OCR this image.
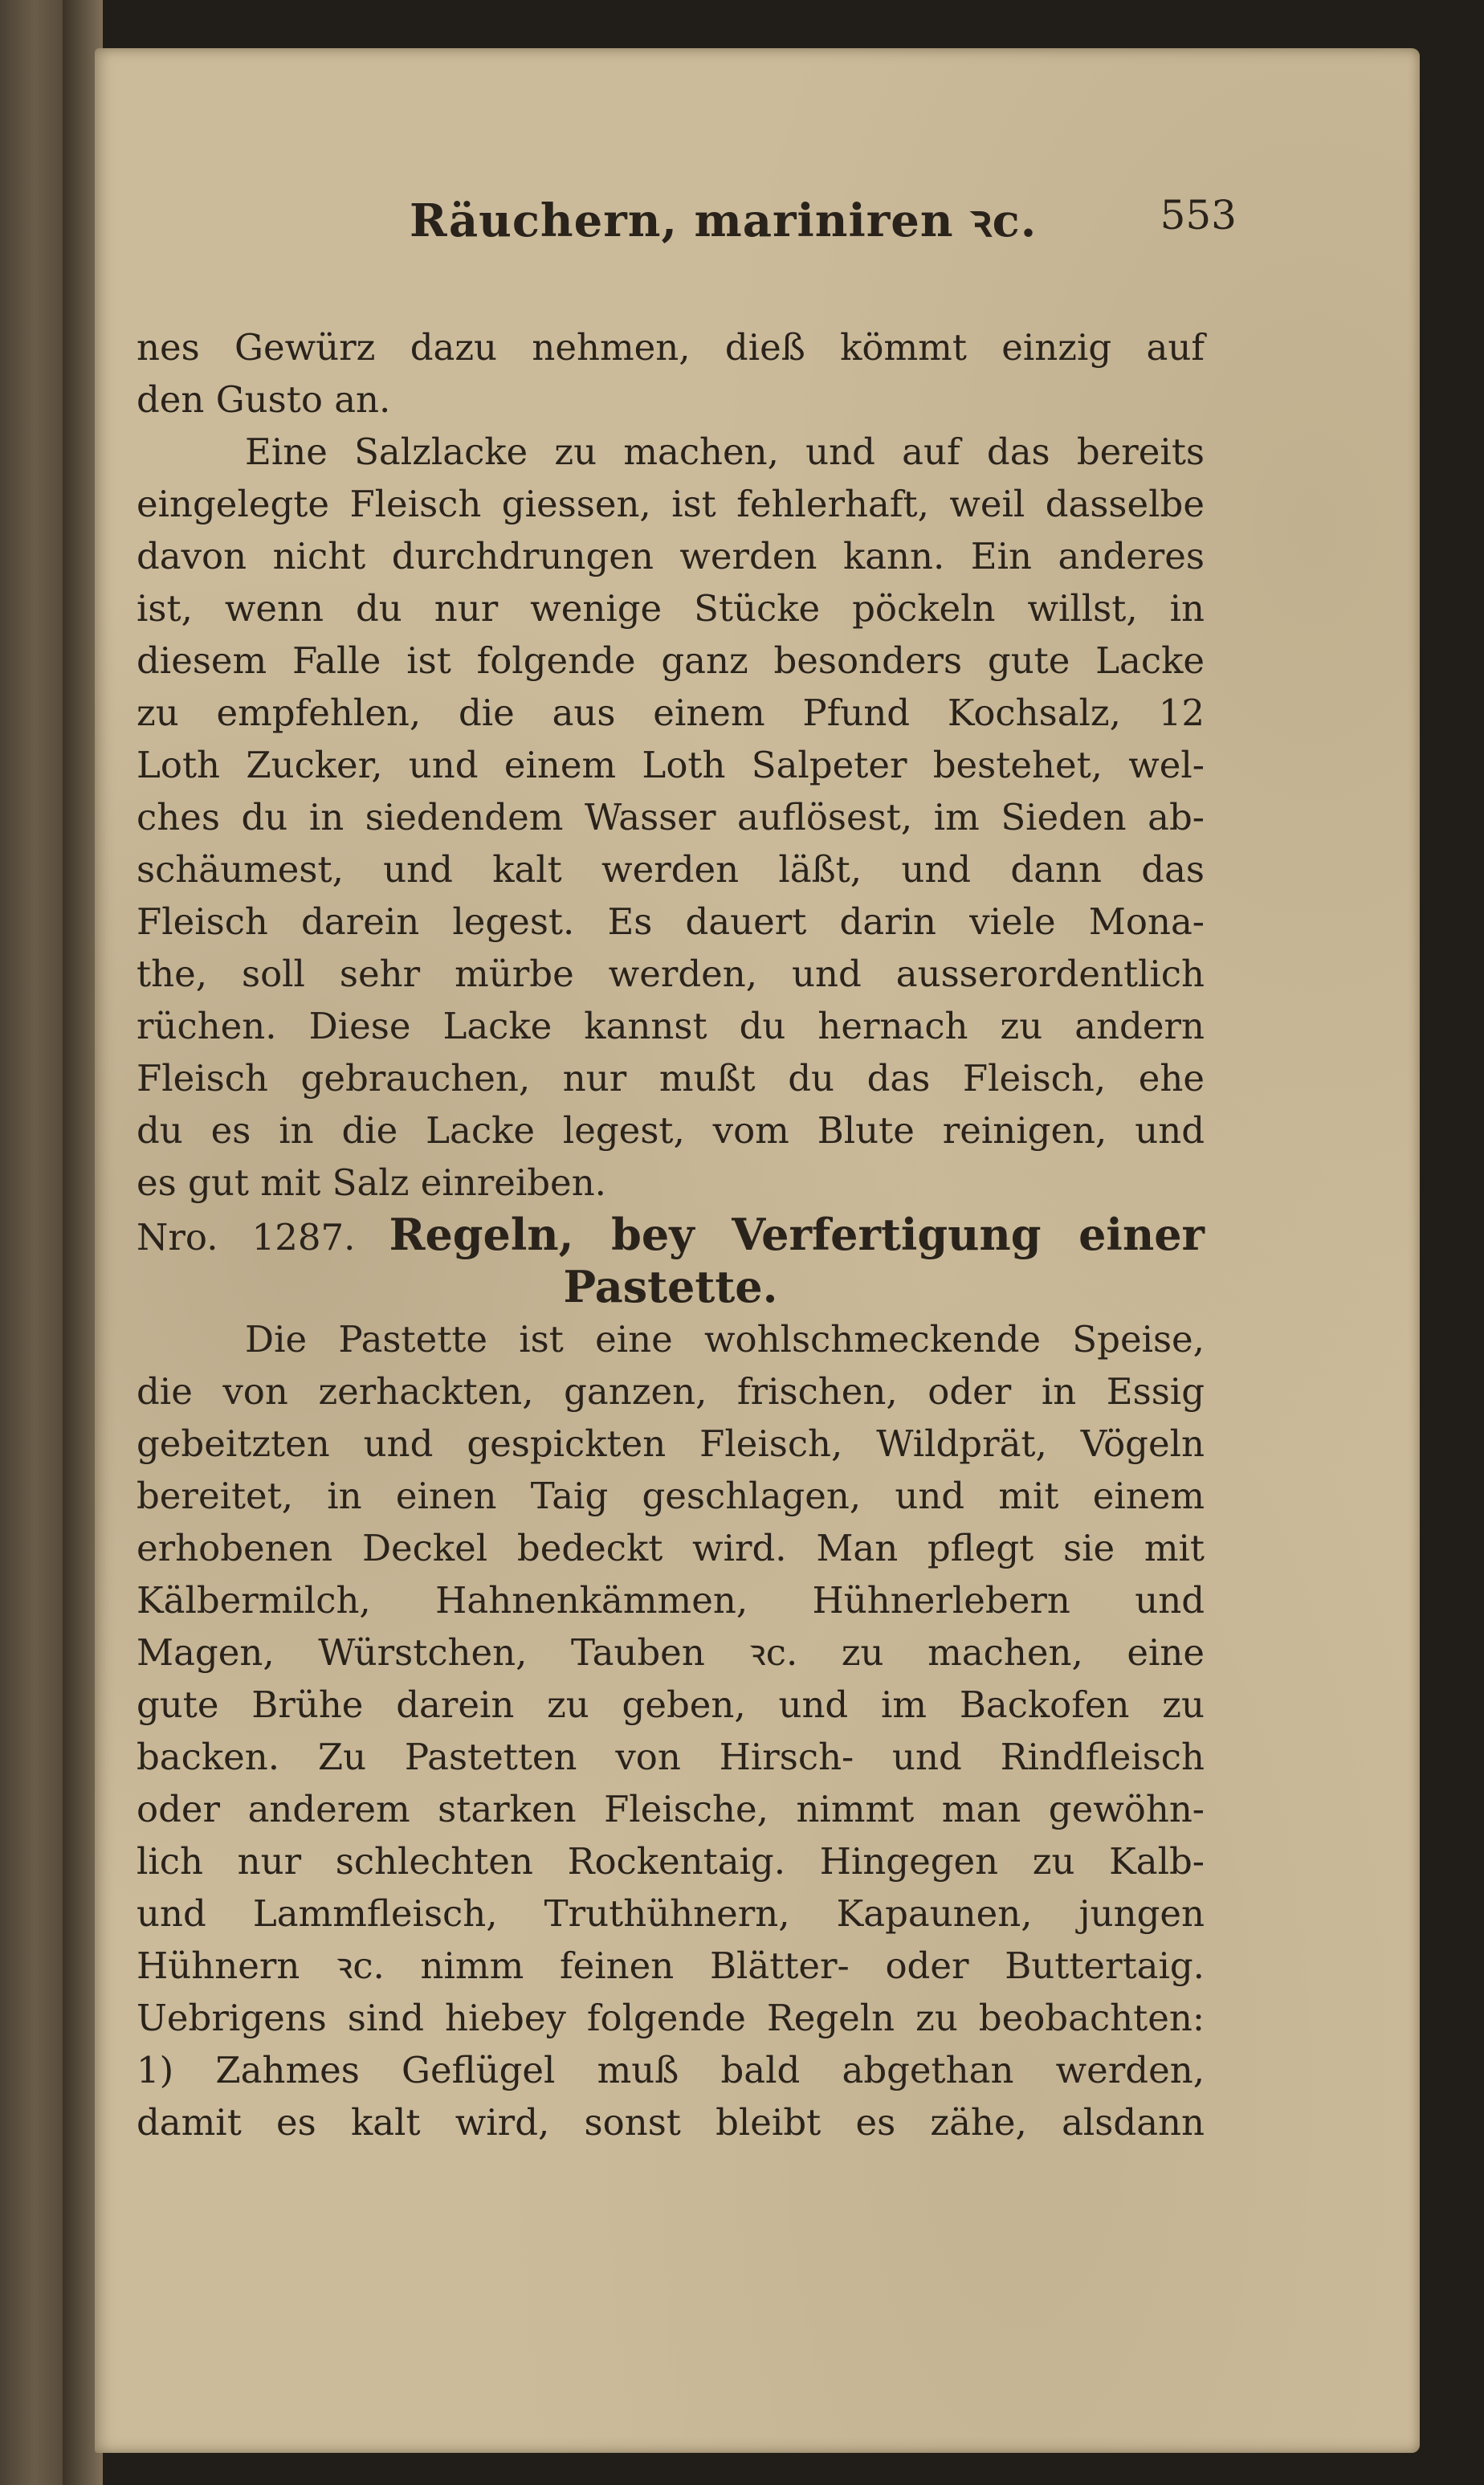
Räuchern, mariniren ꝛc.	553
nes Gewürz dazu nehmen, dieß kömmt einzig auf
den Gusto an.
Eine Salzlacke zu machen, und auf das bereits
eingelegte Fleisch giessen, ist fehlerhaft, weil dasselbe
davon nicht durchdrungen werden kann. Ein anderes
ist, wenn du nur wenige Stücke pöckeln willst, in
diesem Falle ist folgende ganz besonders gute Lacke
zu empfehlen, die aus einem Pfund Kochsalz, 12
Loth Zucker, und einem Loth Salpeter bestehet, wel-
ches du in siedendem Wasser auflösest, im Sieden ab-
schäumest, und kalt werden läßt, und dann das
Fleisch darein legest. Es dauert darin viele Mona-
the, soll sehr mürbe werden, und ausserordentlich
rüchen. Diese Lacke kannst du hernach zu andern
Fleisch gebrauchen, nur mußt du das Fleisch, ehe
du es in die Lacke legest, vom Blute reinigen, und
es gut mit Salz einreiben.
Nro. 1287. Regeln, bey Verfertigung einer
Pastette.
Die Pastette ist eine wohlschmeckende Speise,
die von zerhackten, ganzen, frischen, oder in Essig
gebeitzten und gespickten Fleisch, Wildprät, Vögeln
bereitet, in einen Taig geschlagen, und mit einem
erhobenen Deckel bedeckt wird. Man pflegt sie mit
Kälbermilch, Hahnenkämmen, Hühnerlebern und
Magen, Würstchen, Tauben ꝛc. zu machen, eine
gute Brühe darein zu geben, und im Backofen zu
backen. Zu Pastetten von Hirsch- und Rindfleisch
oder anderem starken Fleische, nimmt man gewöhn-
lich nur schlechten Rockentaig. Hingegen zu Kalb-
und Lammfleisch, Truthühnern, Kapaunen, jungen
Hühnern ꝛc. nimm feinen Blätter- oder Buttertaig.
Uebrigens sind hiebey folgende Regeln zu beobachten:
1) Zahmes Geflügel muß bald abgethan werden,
damit es kalt wird, sonst bleibt es zähe, alsdann
